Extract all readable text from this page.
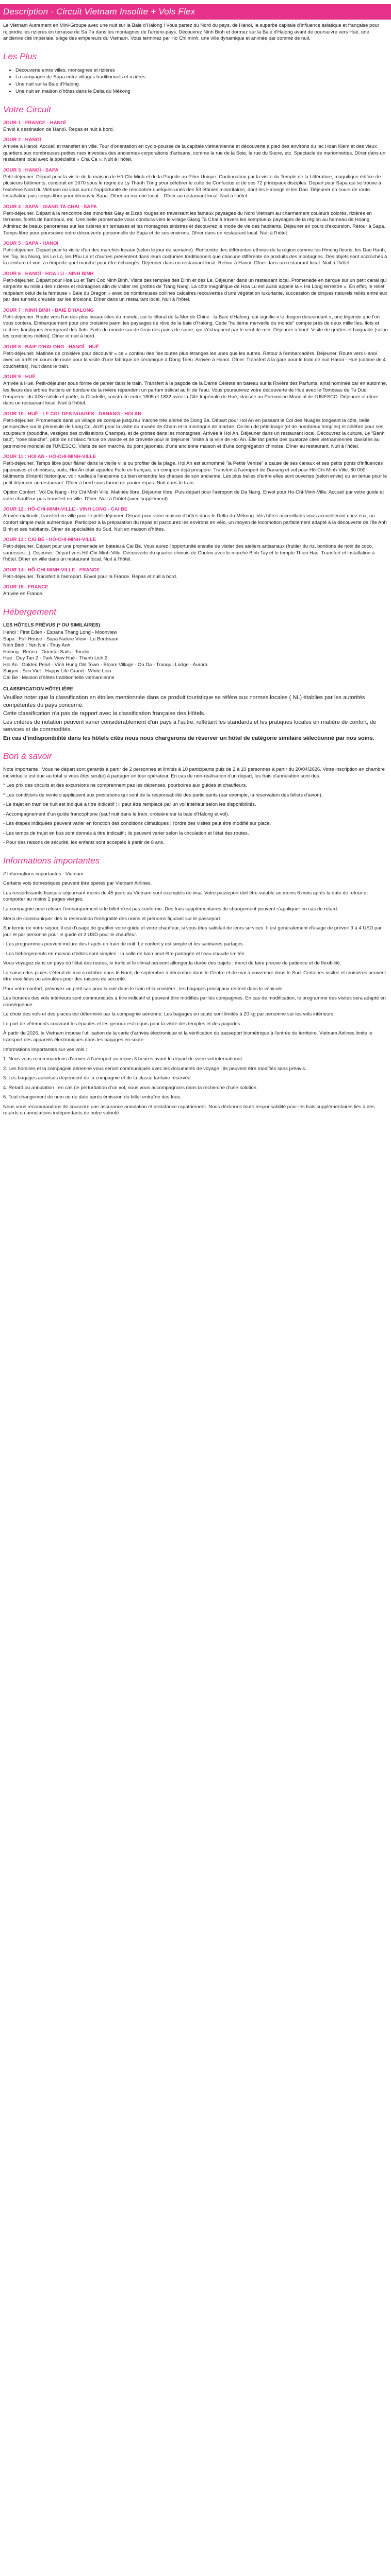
Description - Circuit Vietnam Insolite + Vols Flex

Le Vietnam Autrement en Mini-Groupe avec une nuit sur la Baie d'Halong ! Vous partez du Nord du pays, de Hanoi, la superbe capitale d'influence asiatique et française pour rejoindre les rizières en terrasse de Sa Pa dans les montagnes de l'arrière-pays. Découvrez Ninh Binh et dormez sur la Baie d'Halong avant de poursuivre vers Hué, une ancienne cité impériale, siège des empereurs du Vietnam. Vous terminez par Ho Chi minh, une ville dynamique et animée par comme de nuit.

Les Plus
• Découverte entre villes, montagnes et rizières
• La campagne de Sapa entre villages traditionnels et rizières
• Une nuit sur la Baie d'Halong
• Une nuit en maison d'hôtes dans le Delta du Mékong
Votre Circuit
JOUR 1 : FRANCE - HANOÏ

Envol à destination de Hanoï. Repas et nuit à bord.

JOUR 2 : HANOÏ

Arrivée à Hanoï. Accueil et transfert en ville. Tour d'orientation en cyclo-pousse de la capitale vietnamienne et découverte à pied des environs du lac Hoan Kiem et des vieux quartiers aux nombreuses petites rues investies des anciennes corporations d'artisans, comme la rue de la Soie, la rue du Sucre, etc. Spectacle de marionnettes. Dîner dans un restaurant local avec la spécialité « Cha Ca ». Nuit à l'hôtel.

JOUR 3 : HANOÏ - SAPA

Petit-déjeuner. Départ pour la visite de la maison de Hô-Chi-Minh et de la Pagode au Pilier Unique. Continuation par la visite du Temple de la Littérature, magnifique édifice de plusieurs bâtiments, construit en 1070 sous le règne de Ly Thanh Tông pour célébrer le culte de Confucius et de ses 72 principaux disciples. Départ pour Sapa qui se trouve à l'extrême Nord du Vietnam où vous aurez l'opportunité de rencontrer quelques-unes des 53 ethnies minoritaires, dont les Hmongs et les Dao. Déjeuner en cours de route. Installation puis temps libre pour découvrir Sapa. Dîner au marché local... Dîner au restaurant local. Nuit à l'hôtel.

JOUR 4 : SAPA - GIANG TA CHAI - SAPA

Petit-déjeuner. Départ à la rencontre des minorités Giay et Dzao rouges en traversant les fameux paysages du Nord Vietnam au charmement couleurs colorés, rizières en terrasse, forêts de bambous, etc. Une belle promenade vous conduira vers le village Giang Ta Chai à travers les somptueux paysages de la région au hameau de Hoang. Admirez de beaux panoramas sur les rizières en terrasses et les montagnes sinistres et découvrez le mode de vie des habitants. Déjeuner en cours d'excursion. Retour à Sapa. Temps libre pour poursuivre votre découverte personnelle de Sapa et de ses environs. Dîner dans un restaurant local. Nuit à l'hôtel.

JOUR 5 : SAPA - HANOÏ

Petit-déjeuner. Départ pour la visite d'un des marchés locaux (selon le jour de semaine). Rencontre des différentes ethnies de la région comme les Hmong fleuris, les Dao Hanh, les Tay, les Nung, les Lo Lo, les Phu La et d'autres présentent dans leurs costumes traditionnels que chacune différente de produits des montagnes. Des objets sont accrochés à la ceinture et vont à n'importe quel marché pour être échangés. Déjeuner dans un restaurant local. Retour à Hanoï. Dîner dans un restaurant local. Nuit à l'hôtel.

JOUR 6 : HANOÏ - HOA LU - NINH BINH

Petit-déjeuner. Départ pour Hoa Lu et Tam Coc Ninh Binh. Visite des temples des Dinh et des Le. Déjeuner dans un restaurant local. Promenade en barque sur un petit canal qui serpente au milieu des rizières et montagnes afin de visiter les grottes de Trang Nang. La côte magnifique de Hoa Lu est aussi appelé la « Ha Long terrestre ». En effet, le relief rappelant celui de la fameuse « Baie du Dragon » avec de nombreuses collines calcaires recouvertes d'une végétation luxuriante, succession de cirques naturels reliés entre eux par des tunnels creusés par les érosions. Dîner dans un restaurant local. Nuit à l'hôtel.

JOUR 7 : NINH BINH - BAIE D'HALONG

Petit-déjeuner. Route vers l'un des plus beaux sites du monde, sur le littoral de la Mer de Chine : la Baie d'Halong, qui signifie « le dragon descendant », une légende que l'on vous contera. Embarquement pour une croisière parmi les paysages de rêve de la baie d'Halong. Cette "huitième merveille du monde" compte près de deux mille îles, îlots et rochers karstiques émergeant des flots. Faits du monde sur de l'eau des pains de sucre, qui s'échappent par le vent de mer. Déjeuner à bord. Visite de grottes et baignade (selon les conditions météo). Dîner et nuit à bord.

JOUR 8 : BAIE D'HALONG - HANOÏ - HUÉ

Petit-déjeuner. Matinée de croisière pour découvrir « ce » continu des îles toutes plus étranges les unes que les autres. Retour à l'embarcadère. Déjeuner. Route vers Hanoï avec un arrêt en cours de route pour la visite d'une fabrique de céramique à Dong Trieu. Arrivée à Hanoï. Dîner. Transfert à la gare pour le train de nuit Hanoï - Hué (cabine de 4 couchettes). Nuit dans le train.

JOUR 9 : HUÉ

Arrivée à Hué. Petit-déjeuner sous forme de panier dans le train. Transfert à la pagode de la Dame Céleste en bateau sur la Rivière des Parfums, ainsi nommée car en automne, les fleurs des arbres fruitiers en bordure de la rivière répandent un parfum délicat au fil de l'eau. Vous poursuivrez votre découverte de Hué avec le Tombeau de Tu Duc, l'empereur du XIXe siècle et poète, la Citadelle, construite entre 1805 et 1832 avec la Cité Impériale de Hué, classée au Patrimoine Mondial de l'UNESCO. Déjeuner et dîner dans un restaurant local. Nuit à l'hôtel.

JOUR 10 : HUÉ - LE COL DES NUAGES - DANANG - HOI AN

Petit-déjeuner. Promenade dans un village de conique jusqu'au marché très animé de Dong Ba. Départ pour Hoi An en passant le Col des Nuages longeant la côte, belle perspective sur la péninsule de Lang Co. Arrêt pour la visite du musée de Cham et la montagne de marbre. Ce lieu de pèlerinage (et de nombreux temples) et célèbre pour ses sculpteurs (bouddha, vestiges des civilisations Champa), et de grottes dans les montagnes. Arrivée à Hoi An. Déjeuner dans un restaurant local. Découvrez la culture. Le "Banh bao", "rose blanche", pâte de riz blanc farcie de viande et de crevette pour le déjeuner. Visite à la ville de Hoi An. Elle fait partie des quatorze cités vietnamiennes classées au patrimoine mondial de l'UNESCO. Visite de son marché, du pont japonais, d'une ancienne maison et d'une congrégation chinoise. Dîner au restaurant. Nuit à l'hôtel.

JOUR 11 : HOI AN - HÔ-CHI-MINH-VILLE

Petit-déjeuner. Temps libre pour flâner dans la vieille ville ou profiter de la plage. Hoi An est surnommé "la Petite Venise" à cause de ses canaux et ses petits ponts d'influences japonaises et chinoises, puits, Hoi An était appelée Faifo en français, un comptoir déjà prospère. Transfert à l'aéroport de Danang et vol pour Hô-Chi-Minh-Ville. 80 000 bâtiments d'intérêt historique, voir ruelles à l'ancienne ou bien entendre les chaises de son ancienne. Les plus belles d'entre elles sont ouvertes (selon envie) ou en tenue pour le petit déjeuner au restaurant. Dîner à bord sous forme de panier repas. Nuit dans le train.

Option Confort : Vol Da Nang - Ho Chi Minh Ville. Matinée libre. Déjeuner libre. Puis départ pour l'aéroport de Da Nang. Envol pour Ho-Chi-Minh-Ville. Accueil par votre guide et votre chauffeur puis transfert en ville. Dîner. Nuit à l'hôtel (avec supplément).

JOUR 12 : HÔ-CHI-MINH-VILLE - VINH LONG - CAI BE

Arrivée matinale, transfert en ville pour le petit-déjeuner. Départ pour votre maison d'hôtes dans le Delta du Mékong. Vos hôtes accueillants vous accueilleront chez eux, au confort simple mais authentique. Participez à la préparation du repas et parcourez les environs en vélo, un moyen de locomotion parfaitement adapté à la découverte de l'île Anh Binh et ses habitants. Dîner de spécialités du Sud. Nuit en maison d'hôtes.

JOUR 13 : CAI BE - HÔ-CHI-MINH-VILLE

Petit-déjeuner. Départ pour une promenade en bateau à Cai Be. Vous aurez l'opportunité ensuite de visiter des ateliers artisanaux (fruitier du riz, bonbons de noix de coco, saucisses...). Déjeuner. Départ vers Hô-Chi-Minh-Ville. Découverte du quartier chinois de Cholon avec le marché Binh Tay et le temple Thien Hau. Transfert et installation à l'hôtel. Dîner en ville dans un restaurant local. Nuit à l'hôtel.

JOUR 14 : HÔ-CHI-MINH-VILLE - FRANCE

Petit-déjeuner. Transfert à l'aéroport. Envol pour la France. Repas et nuit à bord.

JOUR 15 : FRANCE

Arrivée en France.

Hébergement

LES HÔTELS PRÉVUS (* OU SIMILAIRES)

Hanoi : First Eden - Espana Thang Long - Moonview

Sapa : Full House - Sapa Nature View - Le Bordeaux

Ninh Binh : Yen Nhi - Thuy Anh

Halong : Renea - Oriental Sails - Toralin

Hue : Duy Tan 2 - Park View Hué - Thanh Lich 2

Hoi An : Golden Pearl - Vinh Hung Old Town - Bloom Village - Ou Da - Tranquil Lodge - Aurora

Saigon : Sen Viet - Happy Life Grand - White Lion

Cai Be : Maison d'hôtes traditionnelle vietnamienne

CLASSIFICATION HÔTELIÈRE

Veuillez noter que la classification en étoiles mentionnée dans ce produit touristique se réfère aux normes locales ( NL) établies par les autorités compétentes du pays concerné.

Cette classification n'a pas de rapport avec la classification française des Hôtels.

Les critères de notation peuvent varier considérablement d'un pays à l'autre, reflétant les standards et les pratiques locales en matière de confort, de services et de commodités.

En cas d'indisponibilité dans les hôtels cités nous nous chargerons de réserver un hôtel de catégorie similaire sélectionné par nos soins.

Bon à savoir

Note importante : Vous ne départ sont garantis à partir de 2 personnes et limités à 10 participants puis de 2 à 10 personnes à partir du 20/04/2026. Votre inscription en chambre individuelle est due au total si vous êtes seul(e) à partager un tour opérateur. En cas de non-réalisation d'un départ, les frais d'annulation sont dus.

* Les prix des circuits et des excursions ne comprennent pas les dépenses, pourboires aux guides et chauffeurs.

* Les conditions de vente s'appliquent aux prestations qui sont de la responsabilité des participants (par exemple, la réservation des billets d'avion).

- Le trajet en train de nuit est indiqué à titre indicatif ; il peut être remplacé par un vol intérieur selon les disponibilités.

- Accompagnement d'un guide francophone (sauf nuit dans le train, croisière sur la baie d'Halong et vol).

- Les étapes indiquées peuvent varier en fonction des conditions climatiques ; l'ordre des visites peut être modifié sur place.

- Les temps de trajet en bus sont donnés à titre indicatif ; ils peuvent varier selon la circulation et l'état des routes.

- Pour des raisons de sécurité, les enfants sont acceptés à partir de 8 ans.

Informations importantes

// Informations importantes - Vietnam

Certains vols domestiques peuvent être opérés par Vietnam Airlines.

Les ressortissants français séjournant moins de 45 jours au Vietnam sont exemptés de visa. Votre passeport doit être valable au moins 6 mois après la date de retour et comporter au moins 2 pages vierges.

La compagnie peut refuser l'embarquement si le billet n'est pas conforme. Des frais supplémentaires de changement peuvent s'appliquer en cas de retard.

Merci de communiquer dès la réservation l'intégralité des noms et prénoms figurant sur le passeport.

Sur terme de votre séjour, il est d'usage de gratifier votre guide et votre chauffeur, si vous êtes satisfait de leurs services. Il est généralement d'usage de prévoir 3 à 4 USD par jour et par personne pour le guide et 2 USD pour le chauffeur.

- Les programmes peuvent inclure des trajets en train de nuit. Le confort y est simple et les sanitaires partagés.

- Les hébergements en maison d'hôtes sont simples : la salle de bain peut être partagée et l'eau chaude limitée.

Vous voyagez dans un pays où l'état des routes, le trafic et le climat peuvent allonger la durée des trajets ; merci de faire preuve de patience et de flexibilité.

La saison des pluies s'étend de mai à octobre dans le Nord, de septembre à décembre dans le Centre et de mai à novembre dans le Sud. Certaines visites et croisières peuvent être modifiées ou annulées pour des raisons de sécurité.

Pour votre confort, prévoyez un petit sac pour la nuit dans le train et la croisière ; les bagages principaux restent dans le véhicule.

Les horaires des vols intérieurs sont communiqués à titre indicatif et peuvent être modifiés par les compagnies. En cas de modification, le programme des visites sera adapté en conséquence.

Le choix des vols et des places est déterminé par la compagnie aérienne. Les bagages en soute sont limités à 20 kg par personne sur les vols intérieurs.

Le port de vêtements couvrant les épaules et les genoux est requis pour la visite des temples et des pagodes.

À partir de 2026, le Vietnam impose l'utilisation de la carte d'arrivée électronique et la vérification du passeport biométrique à l'entrée du territoire. Vietnam Airlines limite le transport des appareils électroniques dans les bagages en soute.

Informations importantes sur vos vols :

1. Nous vous recommandons d'arriver à l'aéroport au moins 3 heures avant le départ de votre vol international.

2. Les horaires et la compagnie aérienne vous seront communiqués avec les documents de voyage ; ils peuvent être modifiés sans préavis.

3. Les bagages autorisés dépendent de la compagnie et de la classe tarifaire réservée.

4. Retard ou annulation : en cas de perturbation d'un vol, nous vous accompagnons dans la recherche d'une solution.

5. Tout changement de nom ou de date après émission du billet entraîne des frais.

Nous vous recommandons de souscrire une assurance annulation et assistance rapatriement. Nous déclinons toute responsabilité pour les frais supplémentaires liés à des retards ou annulations indépendants de notre volonté.
